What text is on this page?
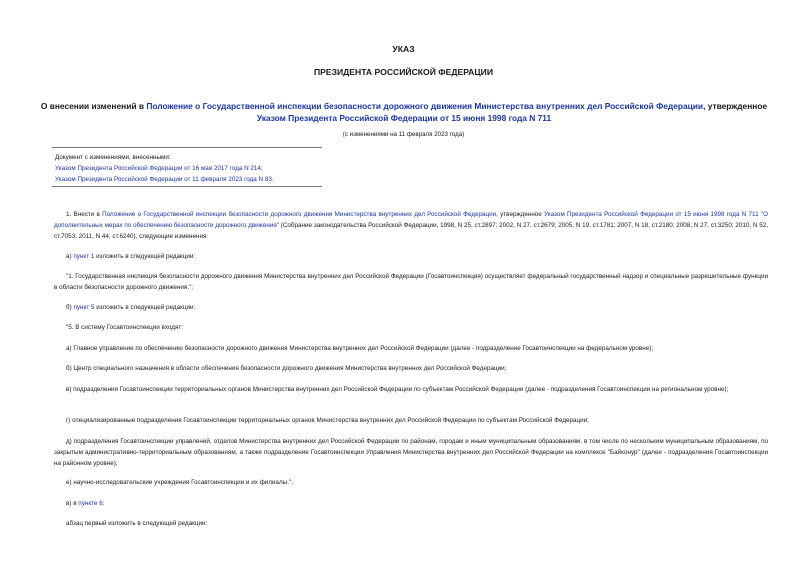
УКАЗ
ПРЕЗИДЕНТА РОССИЙСКОЙ ФЕДЕРАЦИИ
О внесении изменений в Положение о Государственной инспекции безопасности дорожного движения Министерства внутренних дел Российской Федерации, утвержденное Указом Президента Российской Федерации от 15 июня 1998 года N 711
(с изменениями на 11 февраля 2023 года)
Документ с изменениями, внесенными:
Указом Президента Российской Федерации от 16 мая 2017 года N 214;
Указом Президента Российской Федерации от 11 февраля 2023 года N 83.
1. Внести в Положение о Государственной инспекции безопасности дорожного движения Министерства внутренних дел Российской Федерации, утвержденное Указом Президента Российской Федерации от 15 июня 1998 года N 711 "О дополнительных мерах по обеспечению безопасности дорожного движения" (Собрание законодательства Российской Федерации, 1998, N 25, ст.2897; 2002, N 27, ст.2679; 2005, N 19, ст.1781; 2007, N 18, ст.2180; 2008, N 27, ст.3250; 2010, N 52, ст.7053; 2011, N 44, ст.6240), следующие изменения:
а) пункт 1 изложить в следующей редакции:
"1. Государственная инспекция безопасности дорожного движения Министерства внутренних дел Российской Федерации (Госавтоинспекция) осуществляет федеральный государственный надзор и специальные разрешительные функции в области безопасности дорожного движения.";
б) пункт 5 изложить в следующей редакции:
"5. В систему Госавтоинспекции входят:
а) Главное управление по обеспечению безопасности дорожного движения Министерства внутренних дел Российской Федерации (далее - подразделение Госавтоинспекции на федеральном уровне);
б) Центр специального назначения в области обеспечения безопасности дорожного движения Министерства внутренних дел Российской Федерации;
в) подразделения Госавтоинспекции территориальных органов Министерства внутренних дел Российской Федерации по субъектам Российской Федерации (далее - подразделения Госавтоинспекции на региональном уровне);
г) специализированные подразделения Госавтоинспекции территориальных органов Министерства внутренних дел Российской Федерации по субъектам Российской Федерации;
д) подразделения Госавтоинспекции управлений, отделов Министерства внутренних дел Российской Федерации по районам, городам и иным муниципальным образованиям, в том числе по нескольким муниципальным образованиям, по закрытым административно-территориальным образованиям, а также подразделение Госавтоинспекции Управления Министерства внутренних дел Российской Федерации на комплексе "Байконур" (далее - подразделения Госавтоинспекции на районном уровне);
е) научно-исследовательские учреждения Госавтоинспекции и их филиалы.";
в) в пункте 6:
абзац первый изложить в следующей редакции:
